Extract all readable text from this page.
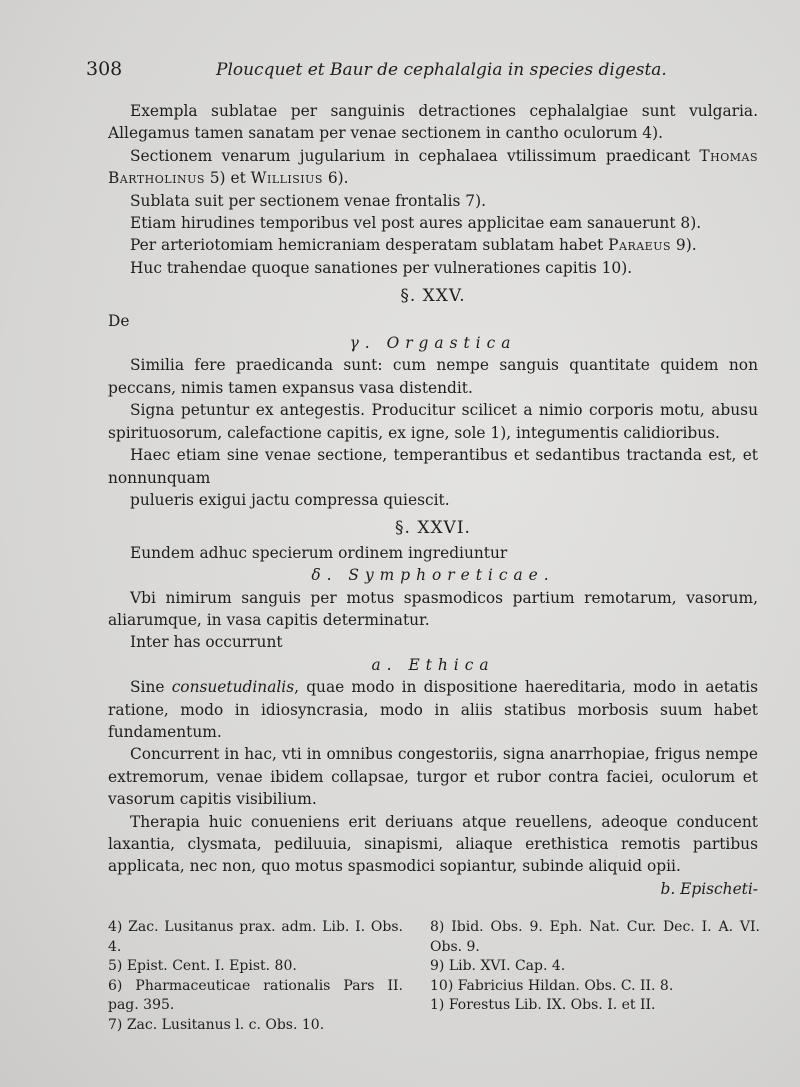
308	Ploucquet et Baur de cephalalgia in species digesta.

Exempla sublatae per sanguinis detractiones cephalalgiae sunt vulgaria. Allegamus tamen sanatam per venae sectionem in cantho oculorum 4).

Sectionem venarum jugularium in cephalaea vtilissimum praedicant Thomas Bartholinus 5) et Willisius 6).

Sublata suit per sectionem venae frontalis 7).

Etiam hirudines temporibus vel post aures applicitae eam sanauerunt 8).

Per arteriotomiam hemicraniam desperatam sublatam habet Paraeus 9).

Huc trahendae quoque sanationes per vulnerationes capitis 10).

§. XXV.

De

γ. Orgastica

Similia fere praedicanda sunt: cum nempe sanguis quantitate quidem non peccans, nimis tamen expansus vasa distendit.

Signa petuntur ex antegestis. Producitur scilicet a nimio corporis motu, abusu spirituosorum, calefactione capitis, ex igne, sole 1), integumentis calidioribus.

Haec etiam sine venae sectione, temperantibus et sedantibus tractanda est, et nonnunquam

pulueris exigui jactu compressa quiescit.

§. XXVI.

Eundem adhuc specierum ordinem ingrediuntur

δ. Symphoreticae.

Vbi nimirum sanguis per motus spasmodicos partium remotarum, vasorum, aliarumque, in vasa capitis determinatur.

Inter has occurrunt

a. Ethica

Sine consuetudinalis, quae modo in dispositione haereditaria, modo in aetatis ratione, modo in idiosyncrasia, modo in aliis statibus morbosis suum habet fundamentum.

Concurrent in hac, vti in omnibus congestoriis, signa anarrhopiae, frigus nempe extremorum, venae ibidem collapsae, turgor et rubor contra faciei, oculorum et vasorum capitis visibilium.

Therapia huic conueniens erit deriuans atque reuellens, adeoque conducent laxantia, clysmata, pediluuia, sinapismi, aliaque erethistica remotis partibus applicata, nec non, quo motus spasmodici sopiantur, subinde aliquid opii.

b. Epischeti-

4) Zac. Lusitanus prax. adm. Lib. I. Obs. 4.

5) Epist. Cent. I. Epist. 80.

6) Pharmaceuticae rationalis Pars II. pag. 395.

7) Zac. Lusitanus l. c. Obs. 10.

8) Ibid. Obs. 9. Eph. Nat. Cur. Dec. I. A. VI. Obs. 9.

9) Lib. XVI. Cap. 4.

10) Fabricius Hildan. Obs. C. II. 8.

1) Forestus Lib. IX. Obs. I. et II.
